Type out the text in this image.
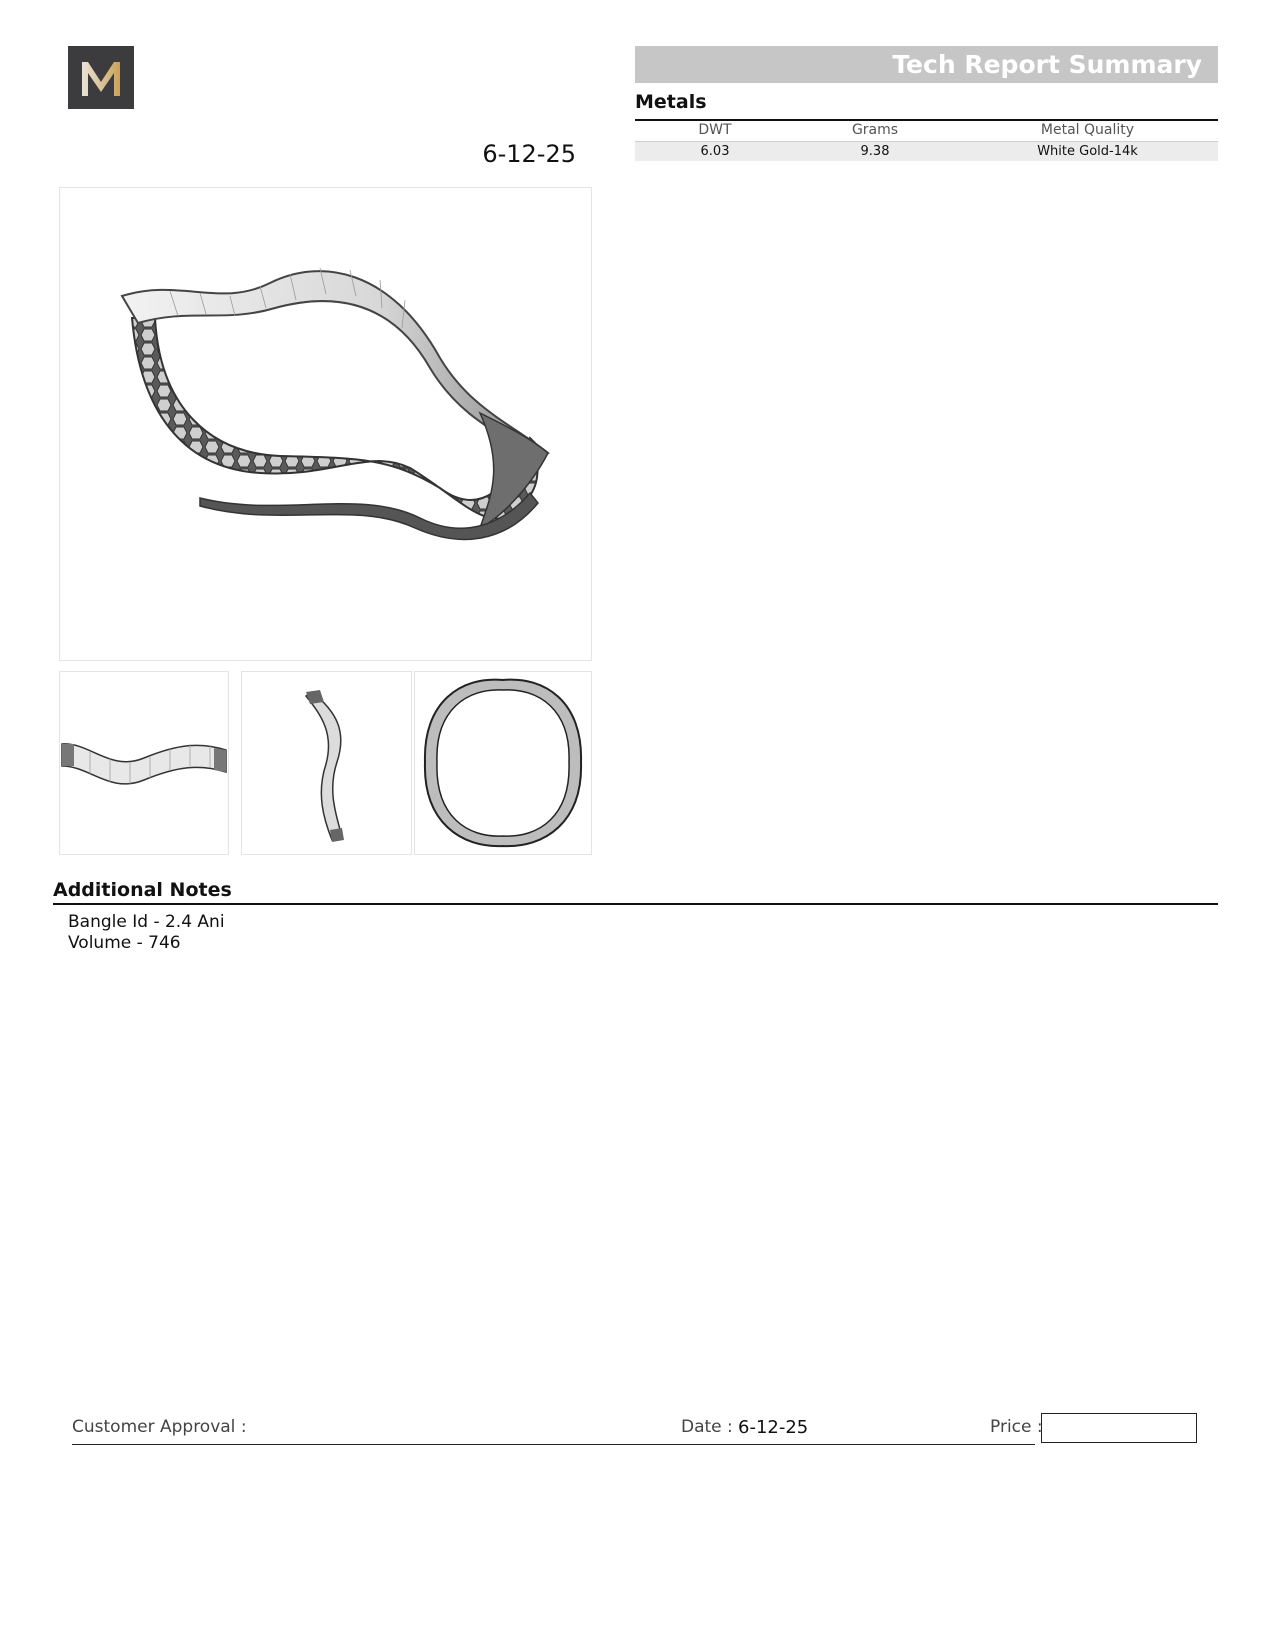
6-12-25
Tech Report Summary
Metals
DWT	Grams	Metal Quality
6.03	9.38	White Gold-14k
Additional Notes
Bangle Id - 2.4 Ani
Volume - 746
Customer Approval :	Date : 6-12-25	Price :
